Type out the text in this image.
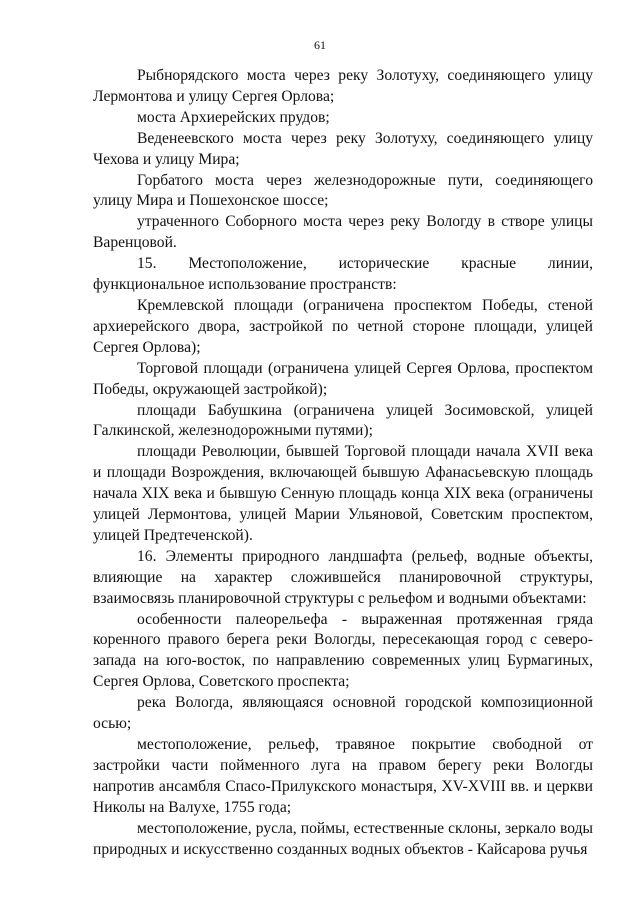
61

Рыбнорядского моста через реку Золотуху, соединяющего улицу Лермонтова и улицу Сергея Орлова;

моста Архиерейских прудов;

Веденеевского моста через реку Золотуху, соединяющего улицу Чехова и улицу Мира;

Горбатого моста через железнодорожные пути, соединяющего улицу Мира и Пошехонское шоссе;

утраченного Соборного моста через реку Вологду в створе улицы Варенцовой.

15. Местоположение, исторические красные линии, функциональное использование пространств:

Кремлевской площади (ограничена проспектом Победы, стеной архиерейского двора, застройкой по четной стороне площади, улицей Сергея Орлова);

Торговой площади (ограничена улицей Сергея Орлова, проспектом Победы, окружающей застройкой);

площади Бабушкина (ограничена улицей Зосимовской, улицей Галкинской, железнодорожными путями);

площади Революции, бывшей Торговой площади начала XVII века и площади Возрождения, включающей бывшую Афанасьевскую площадь начала XIX века и бывшую Сенную площадь конца XIX века (ограничены улицей Лермонтова, улицей Марии Ульяновой, Советским проспектом, улицей Предтеченской).

16. Элементы природного ландшафта (рельеф, водные объекты, влияющие на характер сложившейся планировочной структуры, взаимосвязь планировочной структуры с рельефом и водными объектами:

особенности палеорельефа - выраженная протяженная гряда коренного правого берега реки Вологды, пересекающая город с северо-запада на юго-восток, по направлению современных улиц Бурмагиных, Сергея Орлова, Советского проспекта;

река Вологда, являющаяся основной городской композиционной осью;

местоположение, рельеф, травяное покрытие свободной от застройки части пойменного луга на правом берегу реки Вологды напротив ансамбля Спасо-Прилукского монастыря, XV-XVIII вв. и церкви Николы на Валухе, 1755 года;

местоположение, русла, поймы, естественные склоны, зеркало воды природных и искусственно созданных водных объектов - Кайсарова ручья
